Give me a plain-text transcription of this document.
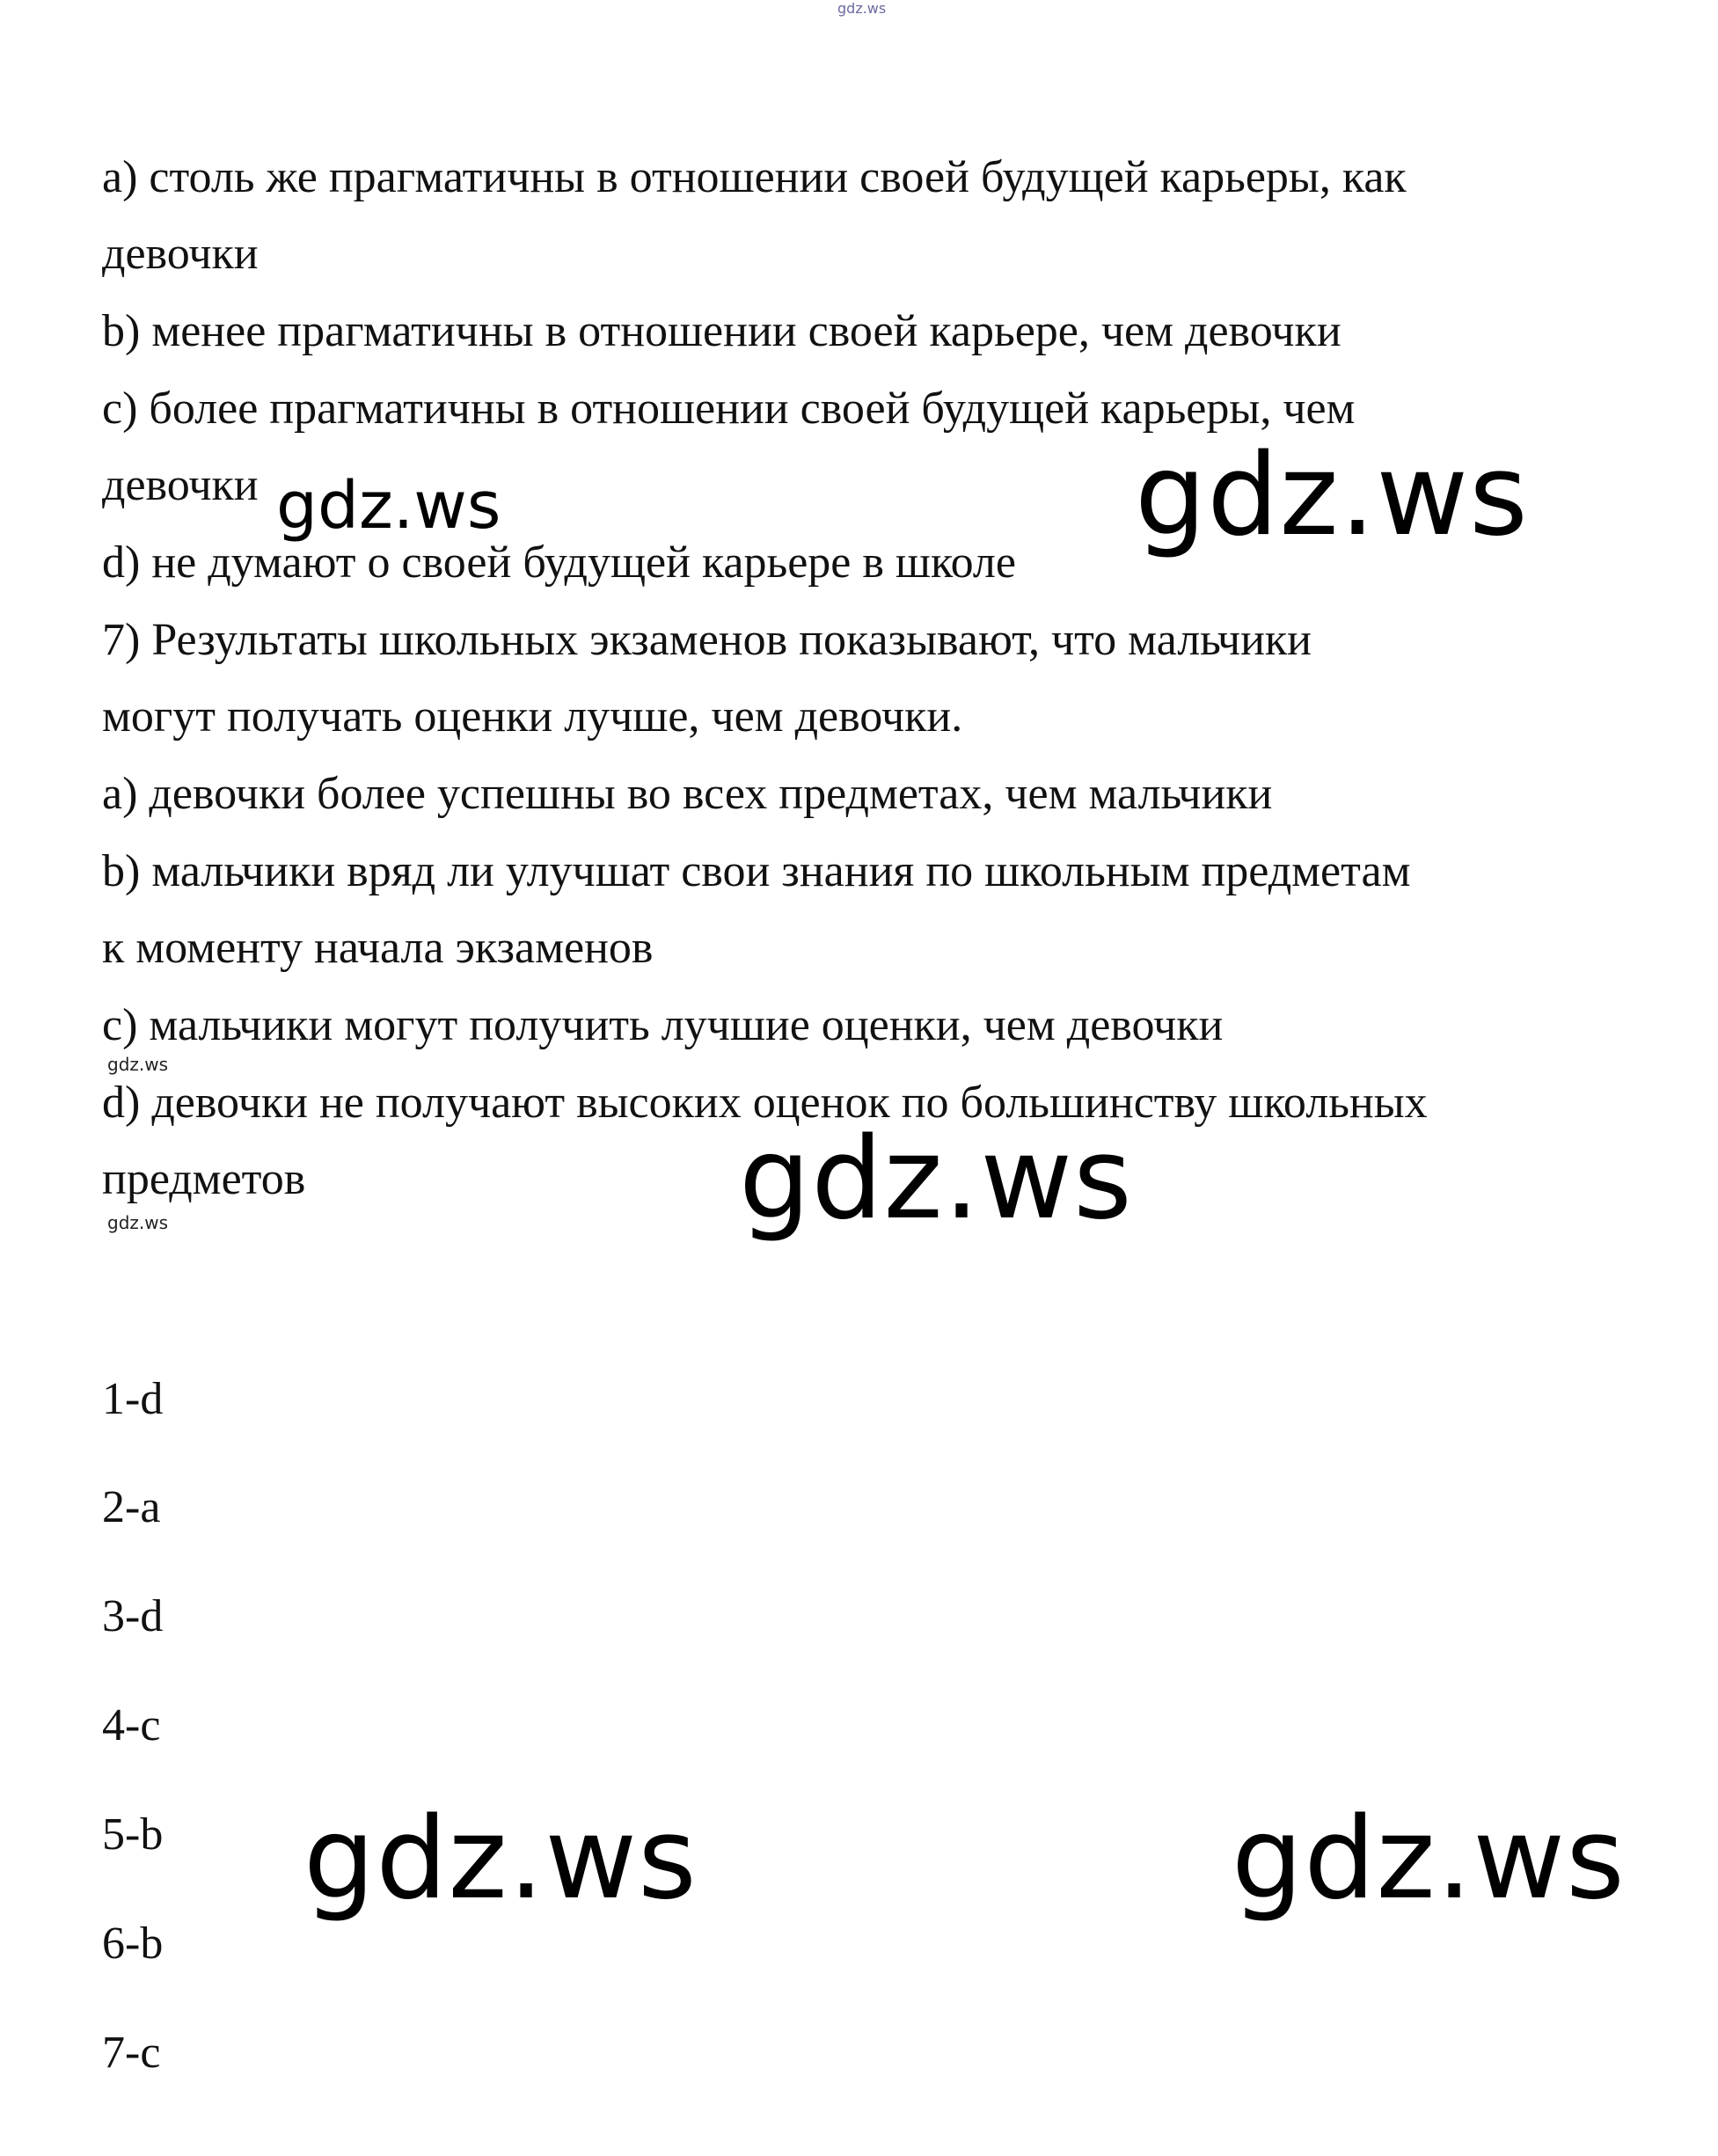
gdz.ws
a) столь же прагматичны в отношении своей будущей карьеры, как
девочки
b) менее прагматичны в отношении своей карьере, чем девочки
c) более прагматичны в отношении своей будущей карьеры, чем
девочки
d) не думают о своей будущей карьере в школе
7) Результаты школьных экзаменов показывают, что мальчики
могут получать оценки лучше, чем девочки.
a) девочки более успешны во всех предметах, чем мальчики
b) мальчики вряд ли улучшат свои знания по школьным предметам
к моменту начала экзаменов
c) мальчики могут получить лучшие оценки, чем девочки
d) девочки не получают высоких оценок по большинству школьных
предметов
1-d
2-a
3-d
4-c
5-b
6-b
7-c
gdz.ws	gdz.ws
gdz.ws
gdz.ws
gdz.ws
gdz.ws	gdz.ws
